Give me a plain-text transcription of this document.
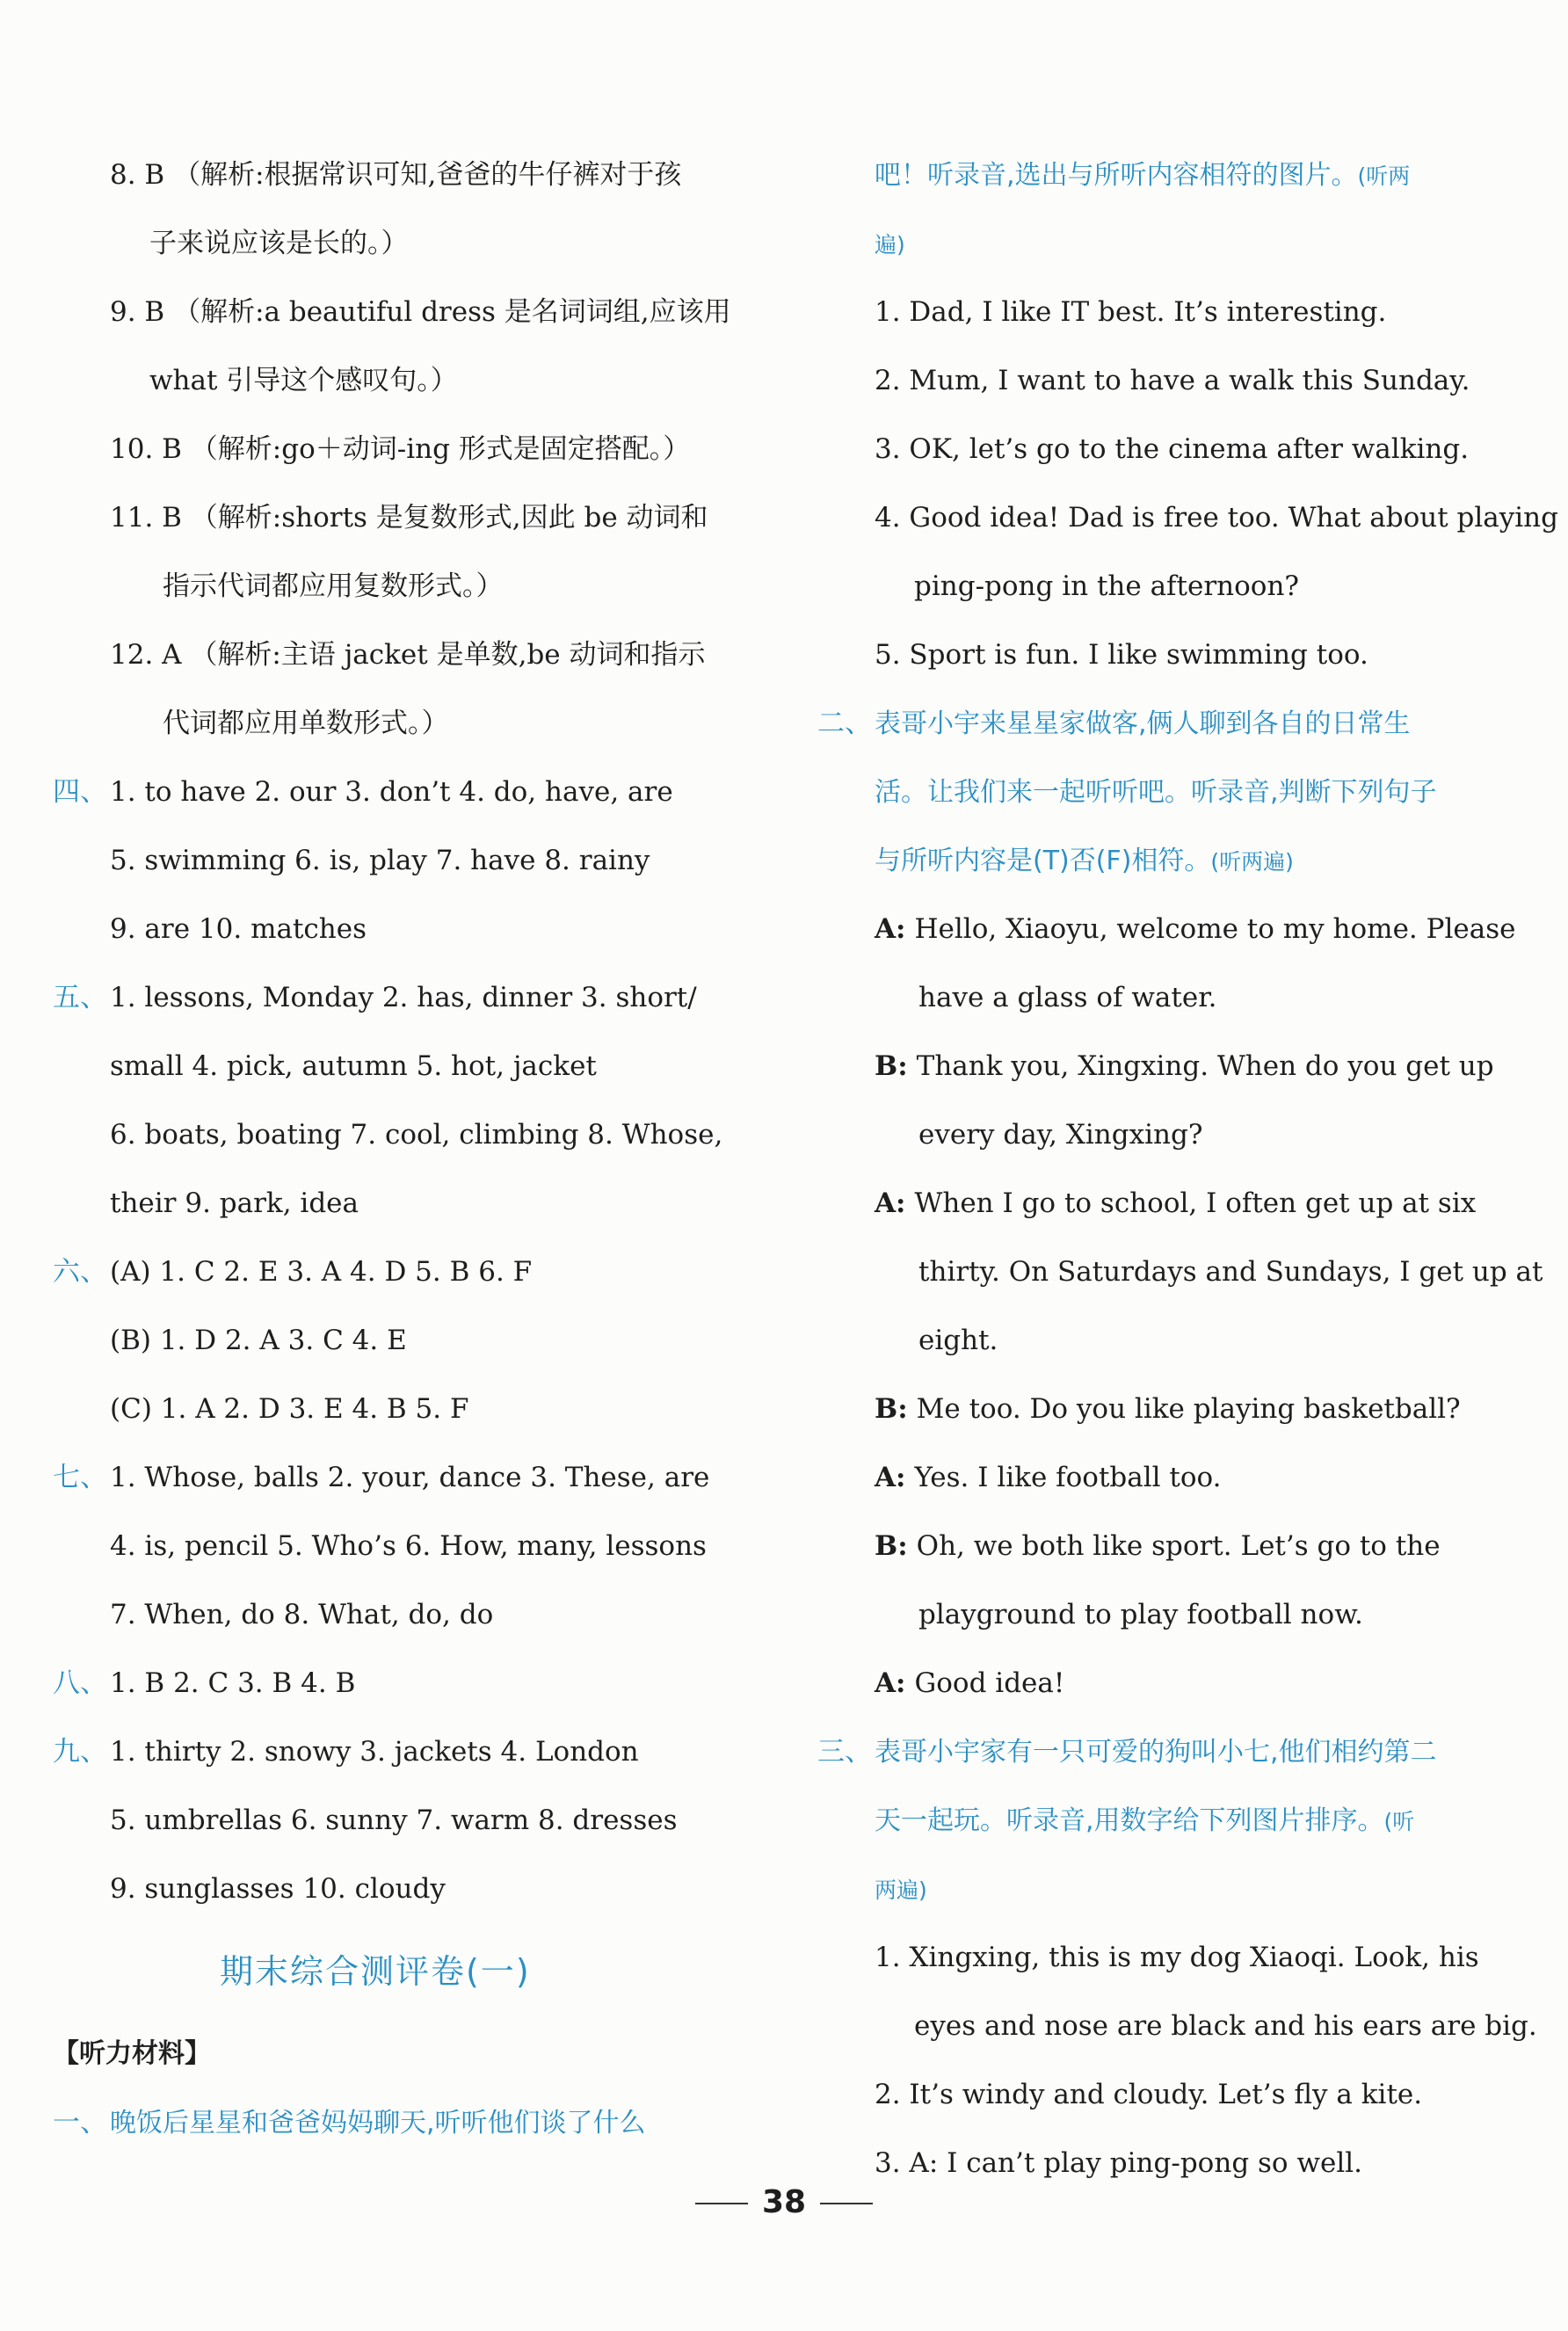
8. B （解析:根据常识可知,爸爸的牛仔裤对于孩
子来说应该是长的。）
9. B （解析:a beautiful dress 是名词词组,应该用
what 引导这个感叹句。）
10. B （解析:go＋动词-ing 形式是固定搭配。）
11. B （解析:shorts 是复数形式,因此 be 动词和
指示代词都应用复数形式。）
12. A （解析:主语 jacket 是单数,be 动词和指示
代词都应用单数形式。）
四、 1. to have 2. our 3. don’t 4. do, have, are
5. swimming 6. is, play 7. have 8. rainy
9. are 10. matches
五、 1. lessons, Monday 2. has, dinner 3. short/
small 4. pick, autumn 5. hot, jacket
6. boats, boating 7. cool, climbing 8. Whose,
their 9. park, idea
六、 (A) 1. C 2. E 3. A 4. D 5. B 6. F
(B) 1. D 2. A 3. C 4. E
(C) 1. A 2. D 3. E 4. B 5. F
七、 1. Whose, balls 2. your, dance 3. These, are
4. is, pencil 5. Who’s 6. How, many, lessons
7. When, do 8. What, do, do
八、 1. B 2. C 3. B 4. B
九、 1. thirty 2. snowy 3. jackets 4. London
5. umbrellas 6. sunny 7. warm 8. dresses
9. sunglasses 10. cloudy
期末综合测评卷(一)
【听力材料】
一、 晚饭后星星和爸爸妈妈聊天,听听他们谈了什么
吧！听录音,选出与所听内容相符的图片。(听两
遍)
1. Dad, I like IT best. It’s interesting.
2. Mum, I want to have a walk this Sunday.
3. OK, let’s go to the cinema after walking.
4. Good idea! Dad is free too. What about playing
ping-pong in the afternoon?
5. Sport is fun. I like swimming too.
二、 表哥小宇来星星家做客,俩人聊到各自的日常生
活。让我们来一起听听吧。听录音,判断下列句子
与所听内容是(T)否(F)相符。(听两遍)
A: Hello, Xiaoyu, welcome to my home. Please
have a glass of water.
B: Thank you, Xingxing. When do you get up
every day, Xingxing?
A: When I go to school, I often get up at six
thirty. On Saturdays and Sundays, I get up at
eight.
B: Me too. Do you like playing basketball?
A: Yes. I like football too.
B: Oh, we both like sport. Let’s go to the
playground to play football now.
A: Good idea!
三、 表哥小宇家有一只可爱的狗叫小七,他们相约第二
天一起玩。听录音,用数字给下列图片排序。(听
两遍)
1. Xingxing, this is my dog Xiaoqi. Look, his
eyes and nose are black and his ears are big.
2. It’s windy and cloudy. Let’s fly a kite.
3. A: I can’t play ping-pong so well.
38
